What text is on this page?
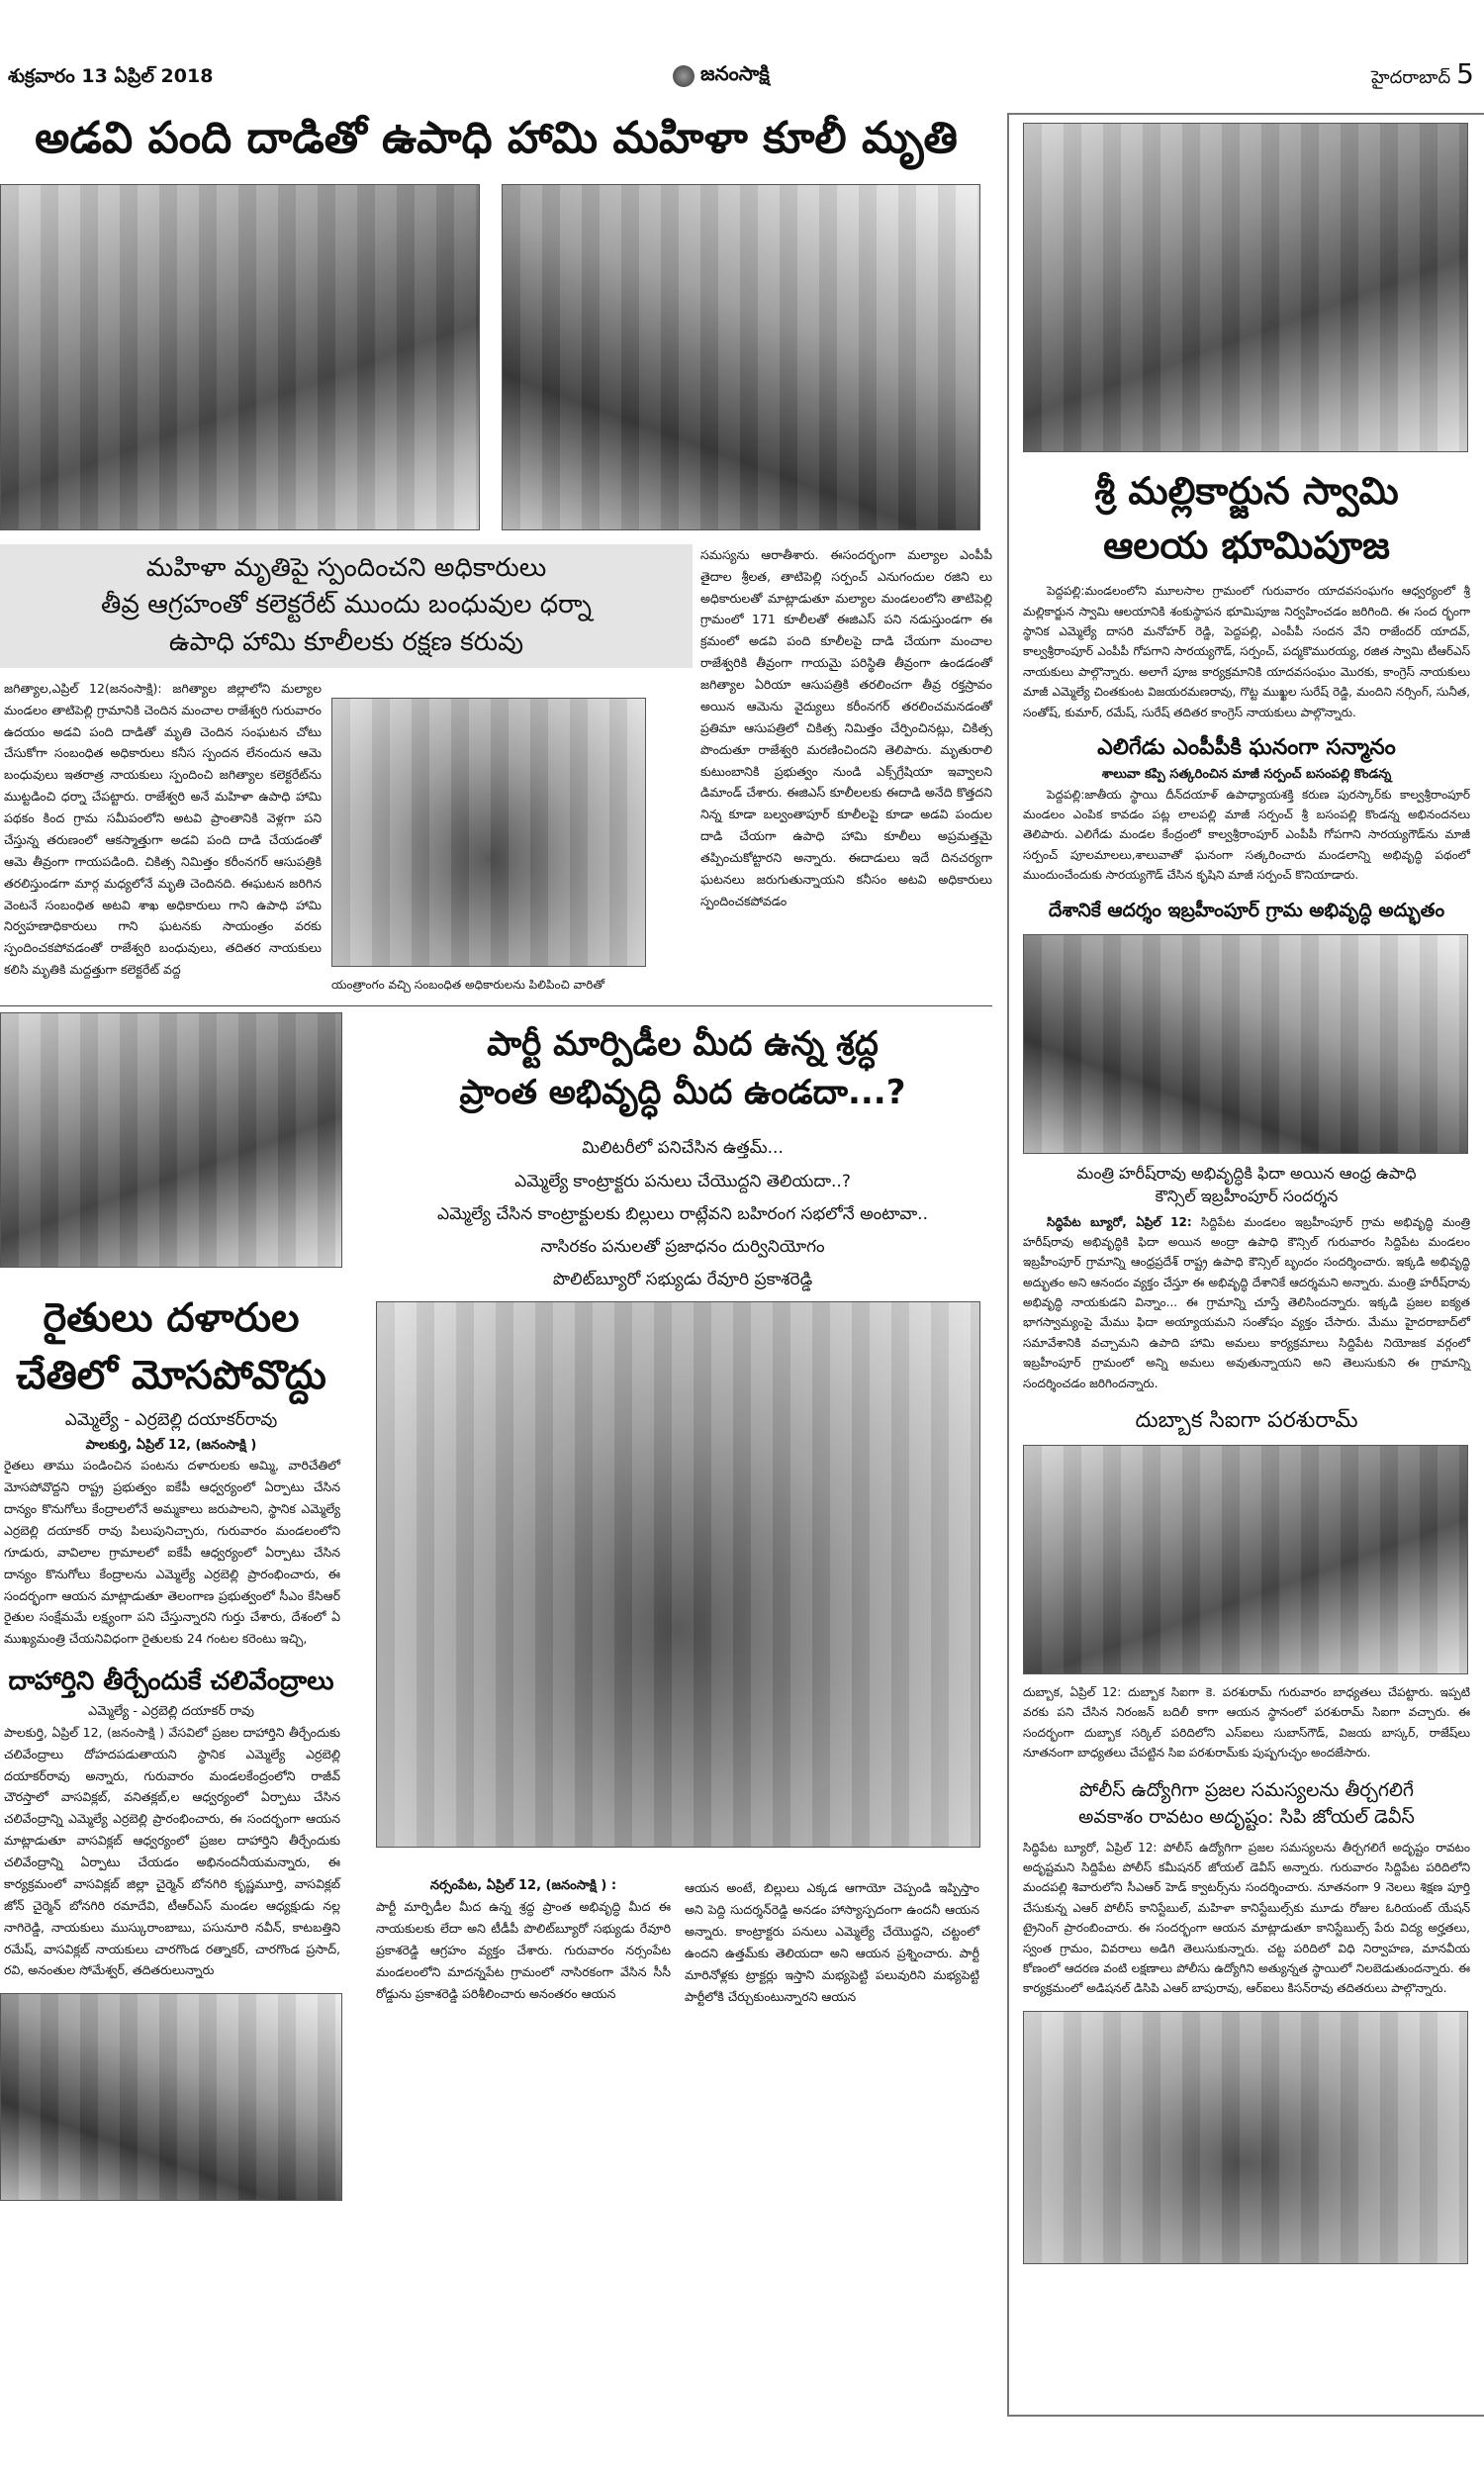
శుక్రవారం 13 ఏప్రిల్ 2018	జనంసాక్షి	హైదరాబాద్ 5
అడవి పంది దాడితో ఉపాధి హామి మహిళా కూలీ మృతి
మహిళా మృతిపై స్పందించని అధికారులు
తీవ్ర ఆగ్రహంతో కలెక్టరేట్ ముందు బంధువుల ధర్నా
ఉపాధి హామి కూలీలకు రక్షణ కరువు
జగిత్యాల,ఎప్రిల్ 12(జనంసాక్షి): జగిత్యాల జిల్లాలోని మల్యాల మండలం తాటిపెల్లి గ్రామానికి చెందిన మంచాల రాజేశ్వరి గురువారం ఉదయం అడవి పంది దాడితో మృతి చెందిన సంఘటన చోటు చేసుకోగా సంబంధిత అధికారులు కనీస స్పందన లేనందున ఆమె బంధువులు ఇతరాత్ర నాయకులు స్పందించి జగిత్యాల కలెక్టరేట్‌ను ముట్టడించి ధర్నా చేపట్టారు. రాజేశ్వరి అనే మహిళా ఉపాధి హామి పథకం కింద గ్రామ సమీపంలోని అటవి ప్రాంతానికి వెళ్లగా పని చేస్తున్న తరుణంలో ఆకస్మాత్తుగా అడవి పంది దాడి చేయడంతో ఆమె తీవ్రంగా గాయపడింది. చికిత్స నిమిత్తం కరీంనగర్ ఆసుపత్రికి తరలిస్తుండగా మార్గ మధ్యలోనే మృతి చెందినది. ఈఘటన జరిగిన వెంటనే సంబంధిత అటవి శాఖ అధికారులు గాని ఉపాధి హామి నిర్వహణాధికారులు గాని ఘటనకు సాయంత్రం వరకు స్పందించకపోవడంతో రాజేశ్వరి బంధువులు, తదితర నాయకులు కలిసి మృతికి మద్దత్తుగా కలెక్టరేట్ వద్ద
యంత్రాంగం వచ్చి సంబంధిత అధికారులను పిలిపించి వారితో
సమస్యను ఆరాతీశారు. ఈసందర్భంగా మల్యాల ఎంపీపీ తైదాల శ్రీలత, తాటిపెల్లి సర్పంచ్ ఎనుగందుల రజిని లు అధికారులతో మాట్లాడుతూ మల్యాల మండలంలోని తాటిపెల్లి గ్రామంలో 171 కూలీలతో ఈజిఎస్ పని నడుస్తుండగా ఈ క్రమంలో అడవి పంది కూలీలపై దాడి చేయగా మంచాల రాజేశ్వరికి తీవ్రంగా గాయమై పరిస్థితి తీవ్రంగా ఉండడంతో జగిత్యాల ఏరియా ఆసుపత్రికి తరలించగా తీవ్ర రక్తస్రావం అయిన ఆమెను వైద్యులు కరీంనగర్ తరలించమనడంతో ప్రతిమా ఆసుపత్రిలో చికిత్స నిమిత్తం చేర్పించినట్లు, చికిత్స పొందుతూ రాజేశ్వరి మరణించిందని తెలిపారు. మృతురాలి కుటుంబానికి ప్రభుత్వం నుండి ఎక్స్‌గ్రేషియా ఇవ్వాలని డిమాండ్ చేశారు. ఈజిఎస్ కూలీలలకు ఈదాడి అనేది కొత్తదని నిన్న కూడా బల్వంతాపూర్ కూలీలపై కూడా అడవి పందుల దాడి చేయగా ఉపాధి హామి కూలీలు అప్రమత్తమై తప్పించుకోట్టారని అన్నారు. ఈదాడులు ఇదే దినచర్యగా ఘటనలు జరుగుతున్నాయని కనీసం అటవి అధికారులు స్పందించకపోవడం
రైతులు దళారుల
చేతిలో మోసపోవొద్దు
ఎమ్మెల్యే - ఎర్రబెల్లి దయాకర్‌రావు
పాలకుర్తి, ఏప్రిల్ 12, (జనంసాక్షి )
రైతలు తాము పండించిన పంటను దళారులకు అమ్మి, వారిచేతిలో మోసపోవొద్దని రాష్ట్ర ప్రభుత్వం ఐకేపీ ఆధ్వర్యంలో ఏర్పాటు చేసిన దాన్యం కొనుగోలు కేంద్రాలలోనే అమ్మకాలు జరుపాలని, స్థానిక ఎమ్మెల్యే ఎర్రబెల్లి దయాకర్ రావు పిలుపునిచ్చారు, గురువారం మండలంలోని గూడురు, వావిలాల గ్రామాలలో ఐకేపీ ఆధ్వర్యంలో ఏర్పాటు చేసిన దాన్యం కొనుగోలు కేంద్రాలను ఎమ్మెల్యే ఎర్రబెల్లి ప్రారంభించారు, ఈ సందర్భంగా ఆయన మాట్లాడుతూ తెలంగాణ ప్రభుత్వంలో సీఎం కేసిఆర్ రైతుల సంక్షేమమే లక్ష్యంగా పని చేస్తున్నారని గుర్తు చేశారు, దేశంలో ఏ ముఖ్యమంత్రి చేయనివిధంగా రైతులకు 24 గంటల కరెంటు ఇచ్చి,
దాహార్తిని తీర్చేందుకే చలివేంద్రాలు
ఎమ్మెల్యే - ఎర్రబెల్లి దయాకర్ రావు
పాలకుర్తి, ఏప్రిల్ 12, (జనంసాక్షి ) వేసవిలో ప్రజల దాహార్తిని తీర్చేందుకు చలివేంద్రాలు దోహదపడుతాయని స్థానిక ఎమ్మెల్యే ఎర్రబెల్లి దయాకర్‌రావు అన్నారు, గురువారం మండలకేంద్రంలోని రాజీవ్ చౌరస్తాలో వాసవిక్లబ్, వనితక్లబ్,ల ఆధ్వర్యంలో ఏర్పాటు చేసిన చలివేంద్రాన్ని ఎమ్మెల్యే ఎర్రబెల్లి ప్రారంభించారు, ఈ సందర్భంగా ఆయన మాట్లాడుతూ వాసవిక్లబ్ ఆధ్వర్యంలో ప్రజల దాహార్తిని తీర్చేందుకు చలివేంద్రాన్ని ఏర్పాటు చేయడం అభినందనీయమన్నారు, ఈ కార్యక్రమంలో వాసవిక్లబ్ జిల్లా చైర్మెన్ బోనగిరి కృష్ణమూర్తి, వాసవిక్లబ్ జోన్ చైర్మెన్ బోనగిరి రమాదేవి, టీఆర్‌ఎస్ మండల ఆధ్యక్షుడు నల్ల నాగిరెడ్డి, నాయకులు ముస్కురాంబాబు, పసునూరి నవీన్, కాటబత్తిని రమేష్, వాసవిక్లబ్ నాయకులు చారగొండ రత్నాకర్, చారగొండ ప్రసాద్, రవి, అనంతుల సోమేశ్వర్, తదితరులున్నారు
పార్టీ మార్పిడీల మీద ఉన్న శ్రద్ధ
ప్రాంత అభివృద్ధి మీద ఉండదా...?
మిలిటరీలో పనిచేసిన ఉత్తమ్...
ఎమ్మెల్యే కాంట్రాక్టరు పనులు చేయొద్దని తెలియదా..?
ఎమ్మెల్యే చేసిన కాంట్రాక్టులకు బిల్లులు రాట్లేవని బహిరంగ సభలోనే అంటావా..
నాసిరకం పనులతో ప్రజాధనం దుర్వినియోగం
పొలిట్‌బ్యూరో సభ్యుడు రేవూరి ప్రకాశరెడ్డి
నర్సంపేట, ఏప్రిల్ 12, (జనంసాక్షి ) :
పార్టీ మార్పిడీల మీద ఉన్న శ్రద్ధ ప్రాంత అభివృద్ధి మీద ఈ నాయకులకు లేదా అని టీడీపీ పొలిట్‌బ్యూరో సభ్యుడు రేవూరి ప్రకాశరెడ్డి ఆగ్రహం వ్యక్తం చేశారు. గురువారం నర్సంపేట మండలంలోని మాదన్నపేట గ్రామంలో నాసిరకంగా వేసిన సీసీ రోడ్డును ప్రకాశరెడ్డి పరిశీలించారు అనంతరం ఆయన
ఆయన అంటే, బిల్లులు ఎక్కడ ఆగాయో చెప్పండి ఇప్పిస్తాం అని పెద్ది సుదర్శన్‌రెడ్డి అనడం హాస్యాస్పదంగా ఉందనీ ఆయన అన్నారు. కాంట్రాక్టరు పనులు ఎమ్మెల్యే చేయొద్దని, చట్టంలో ఉందని ఉత్తమ్‌కు తెలియదా అని ఆయన ప్రశ్నించారు. పార్టీ మారినోళ్లకు ట్రాక్టర్లు ఇస్తాని మభ్యపెట్టి పలువురిని మభ్యపెట్టి పార్టీలోకి చేర్చుకుంటున్నారని ఆయన
శ్రీ మల్లికార్జున స్వామి
ఆలయ భూమిపూజ
పెద్దపల్లి:మండలంలోని మూలసాల గ్రామంలో గురువారం యాదవసంఘగం ఆధ్వర్యంలో శ్రీ మల్లికార్జున స్వామి ఆలయానికి శంకుస్థాపన భూమిపూజ నిర్వహించడం జరిగింది. ఈ సంద ర్భంగా స్థానిక ఎమ్మెల్యే దాసరి మనోహర్ రెడ్డి, పెద్దపల్లి, ఎంపీపీ సందన వేని రాజేందర్ యాదవ్, కాల్వశ్రీరాంపూర్ ఎంపీపీ గోపగాని సారయ్యగౌడ్, సర్పంచ్, పద్మకొమురయ్య, రజిత స్వామి టీఆర్‌ఎస్ నాయకులు పాల్గొన్నారు. అలాగే పూజ కార్యక్రమానికి యాదవసంఘం మొరకు, కాంగ్రెస్ నాయకులు మాజీ ఎమ్మెల్యే చింతకుంట విజయరమణరావు, గొట్ట ముఖ్ఖల సురేష్ రెడ్డి, మందిని నర్సింగ్, సునీత, సంతోష్, కుమార్, రమేష్, సురేష్ తదితర కాంగ్రెస్ నాయకులు పాల్గొన్నారు.
ఎలిగేడు ఎంపీపీకి ఘనంగా సన్మానం
శాలువా కప్పి సత్కరించిన మాజీ సర్పంచ్ బసంపల్లి కొండన్న
పెద్దపల్లి:జాతీయ స్థాయి దీన్‌దయాళ్ ఉపాధ్యాయశక్తి కరుణ పురస్కార్‌కు కాల్వశ్రీరాంపూర్ మండలం ఎంపిక కావడం పట్ల లాలపల్లి మాజీ సర్పంచ్ శ్రీ బసంపల్లి కొండన్న అభినందనలు తెలిపారు. ఎలిగేడు మండల కేంద్రంలో కాల్వశ్రీరాంపూర్ ఎంపీపీ గోపగాని సారయ్యగౌడ్‌ను మాజీ సర్పంచ్ పూలమాలలు,శాలువాతో ఘనంగా సత్కరించారు మండలాన్ని అభివృద్ధి పథంలో ముందుంచేందుకు సారయ్యగౌడ్ చేసిన కృషిని మాజీ సర్పంచ్ కొనియాడారు.
దేశానికే ఆదర్శం ఇబ్రహీంపూర్ గ్రామ అభివృద్ధి అద్భుతం
మంత్రి హరీష్‌రావు అభివృద్ధికి ఫిదా అయిన ఆంధ్ర ఉపాధి
కౌన్సిల్ ఇబ్రహీంపూర్ సందర్శన
సిద్ధిపేట బ్యూరో, ఏప్రిల్ 12: సిద్దిపేట మండలం ఇబ్రహీంపూర్ గ్రామ అభివృద్ధి మంత్రి హరీష్‌రావు అభివృద్ధికి ఫిదా అయిన అంద్రా ఉపాధి కౌన్సిల్ గురువారం సిద్దిపేట మండలం ఇబ్రహీంపూర్ గ్రామాన్ని ఆంధ్రప్రదేశ్ రాష్ట్ర ఉపాధి కౌన్సిల్ బృందం సందర్శించారు. ఇక్కడి అభివృద్ధి అద్భుతం అని ఆనందం వ్యక్తం చేస్తూ ఈ అభివృద్ధి దేశానికే ఆదర్శమని అన్నారు. మంత్రి హరీష్‌రావు అభివృద్ధి నాయకుడని విన్నాం... ఈ గ్రామాన్ని చూస్తే తెలిసిందన్నారు. ఇక్కడి ప్రజల ఐక్యత భాగస్వామ్యంపై మేము ఫిదా అయ్యాయమని సంతోషం వ్యక్తం చేసారు. మేము హైదరాబాద్‌లో సమావేశానికి వచ్చామని ఉపాది హామి అమలు కార్యక్రమాలు సిద్దిపేట నియోజక వర్గంలో ఇబ్రహీంపూర్ గ్రామంలో అన్ని అమలు అవుతున్నాయని అని తెలుసుకుని ఈ గ్రామాన్ని సందర్శించడం జరిగిందన్నారు.
దుబ్బాక సిఐగా పరశురామ్
దుబ్బాక, ఏప్రిల్ 12: దుబ్బాక సిఐగా కె. పరశురామ్ గురువారం బాధ్యతలు చేపట్టారు. ఇప్పటి వరకు పని చేసిన నిరంజన్ బదిలీ కాగా ఆయన స్థానంలో పరశురామ్ సిఐగా వచ్చారు. ఈ సందర్భంగా దుబ్బాక సర్కిల్ పరిదిలోని ఎస్ఐలు సుబాస్‌గౌడ్, విజయ బాస్కర్, రాజేష్‌లు నూతనంగా బాధ్యతలు చేపట్టిన సిఐ పరశురామ్‌కు పుష్పగుచ్ఛం అందజేసారు.
పోలీస్ ఉద్యోగిగా ప్రజల సమస్యలను తీర్చగలిగే
అవకాశం రావటం అదృష్టం: సిపి జోయల్ డెవీస్
సిద్ధిపేట బ్యూరో, ఏప్రిల్ 12: పోలీస్ ఉద్యోగిగా ప్రజల సమస్యలను తీర్చగలిగే అదృష్టం రావటం అదృష్టమని సిద్దిపేట పోలీస్ కమీషనర్ జోయల్ డెవీస్ అన్నారు. గురువారం సిద్దిపేట పరిదిలోని మందపల్లి శివారులోని సీఎఆర్ హెడ్ క్వాటర్స్‌ను సందర్శించారు. నూతనంగా 9 నెలలు శిక్షణ పూర్తి చేసుకున్న ఎఆర్ పోలీస్ కానిస్టేబుల్, మహిళా కానిస్టేబుల్స్‌కు మూడు రోజుల ఓరియంట్ యేషన్ ట్రైనింగ్ ప్రారంబించారు. ఈ సందర్భంగా ఆయన మాట్లాడుతూ కానిస్టేబుల్స్ పేరు విద్య అర్హతలు, స్వంత గ్రామం, వివరాలు అడిగి తెలుసుకున్నారు. చట్ట పరిదిలో విధి నిర్వాహణ, మానవీయ కోణంలో ఆదరణ వంటి లక్షణాలు పోలీసు ఉద్యోగిని అత్యున్నత స్థాయిలో నిలబెడుతుందన్నారు. ఈ కార్యక్రమంలో అడిషనల్ డిసిపి ఎఆర్ బాపురావు, ఆర్ఐలు కిసన్‌రావు తదితరులు పాల్గొన్నారు.
